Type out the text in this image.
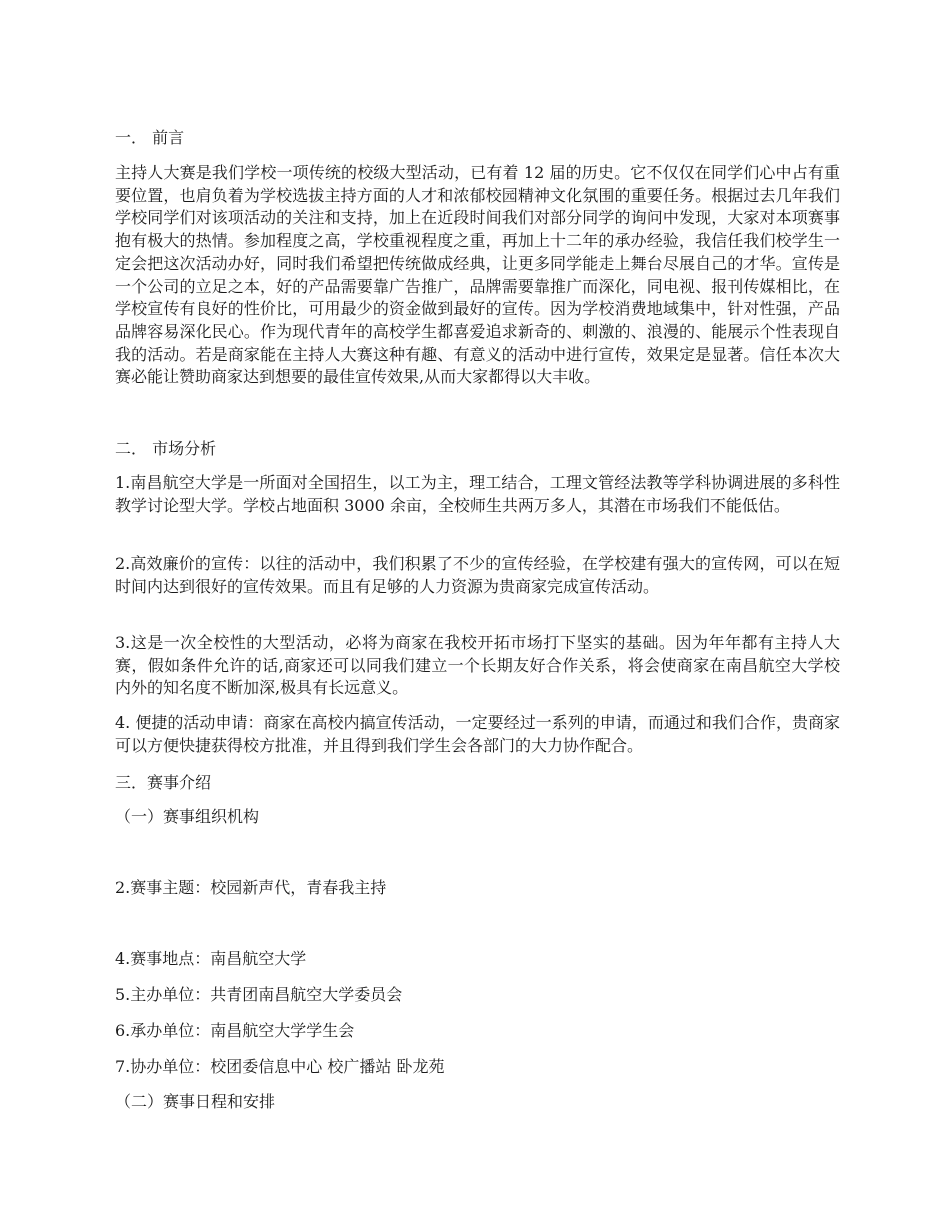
一． 前言
主持人大赛是我们学校一项传统的校级大型活动，已有着 12 届的历史。它不仅仅在同学们心中占有重要位置，也肩负着为学校选拔主持方面的人才和浓郁校园精神文化氛围的重要任务。根据过去几年我们学校同学们对该项活动的关注和支持，加上在近段时间我们对部分同学的询问中发现，大家对本项赛事抱有极大的热情。参加程度之高，学校重视程度之重，再加上十二年的承办经验，我信任我们校学生一定会把这次活动办好，同时我们希望把传统做成经典，让更多同学能走上舞台尽展自己的才华。宣传是一个公司的立足之本，好的产品需要靠广告推广，品牌需要靠推广而深化，同电视、报刊传媒相比，在学校宣传有良好的性价比，可用最少的资金做到最好的宣传。因为学校消费地域集中，针对性强，产品品牌容易深化民心。作为现代青年的高校学生都喜爱追求新奇的、刺激的、浪漫的、能展示个性表现自我的活动。若是商家能在主持人大赛这种有趣、有意义的活动中进行宣传，效果定是显著。信任本次大赛必能让赞助商家达到想要的最佳宣传效果,从而大家都得以大丰收。
二． 市场分析
1.南昌航空大学是一所面对全国招生，以工为主，理工结合，工理文管经法教等学科协调进展的多科性教学讨论型大学。学校占地面积 3000 余亩，全校师生共两万多人，其潜在市场我们不能低估。
2.高效廉价的宣传：以往的活动中，我们积累了不少的宣传经验，在学校建有强大的宣传网，可以在短时间内达到很好的宣传效果。而且有足够的人力资源为贵商家完成宣传活动。
3.这是一次全校性的大型活动，必将为商家在我校开拓市场打下坚实的基础。因为年年都有主持人大赛，假如条件允许的话,商家还可以同我们建立一个长期友好合作关系，将会使商家在南昌航空大学校内外的知名度不断加深,极具有长远意义。
4. 便捷的活动申请：商家在高校内搞宣传活动，一定要经过一系列的申请，而通过和我们合作，贵商家可以方便快捷获得校方批准，并且得到我们学生会各部门的大力协作配合。
三．赛事介绍
（一）赛事组织机构
2.赛事主题：校园新声代，青春我主持
4.赛事地点：南昌航空大学
5.主办单位：共青团南昌航空大学委员会
6.承办单位：南昌航空大学学生会
7.协办单位：校团委信息中心 校广播站 卧龙苑
（二）赛事日程和安排
